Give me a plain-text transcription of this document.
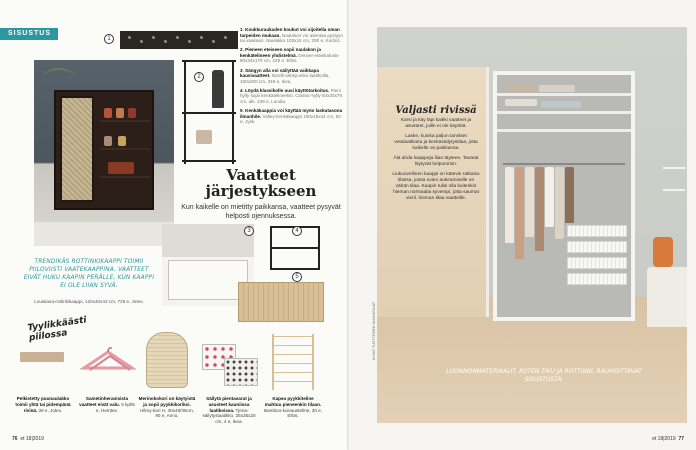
SISUSTUS
1
2

1. Koukkuraukaden koukut voi sijoitella oman tarpeiden mukaan. Naulakon voi asentaa pystyyn tai vaakaan. Naulakko 100x18 cm, 290 e, Kodin1.

2. Pieneen eteiseen sopii naulakon ja kenkätelineen yhdistelmä. Denver-eteiskaluste 80x34x170 cm, 229 e, Ellos.

3. Sängyn alla voi säilyttää vaikkapa kausivaatteet. Nordli-sänkyuniko laatikoilla, 160x200 cm, 349 e, Ikea.

4. Löydä klassikolle uusi käyttötarkoitus. Pieni hylly sopii kenkätelineeksi. Classic-hylly 84x30x79 cm, alk. 239 e, Lundia.

5. Kenkäkaappia voi käyttää myös laskutasona ilmanhile. Valley-kenkäkaappi 100x18x44 cm, 50 e, Jysk.

Vaatteet järjestykseen

Kun kaikelle on mietitty paikkansa, vaatteet pysyvät helposti ojennuksessa.

3	4
5

TRENDIKÄS ROTTINKIKAAPPI TOIMII PIILOVIISTI VAATEKAAPPINA. VAATTEET EIVÄT HUKU KAAPIN PERÄLLE, KUN KAAPPI EI OLE LIIAN SYVÄ.

Louisiana-rottinkikaappi, 120x40x43 cm, 729 e, Jotex.

Tyylikkäästi piilossa

Pelkistetty puunaulakko toimii yhtä tai pidempänä rivinä. 39 e, Jotex.

Sametinheranisista vaatteet eivät valu. 5 kpl/6 e, Hemtex.

Merinokokori on käytyistä ja sopii pyykkikoriksi. Hilmy-kori H, 40x49/36cm, 90 e, Anno.

Säilytä pientavarat ja asusteet kauniissa laatikoissa. Tjena-säilytyslaatikko, 25x35x20 cm, 4 e, Ikea.

Kapea pyykkiteline mahtuu pieneenkin tilaan. Bamboo-kuivausteline, 30 e, Ellos.

76 et 18|2019
Valjasti rivissä

Karsi ja käy läpi kaikki vaatteet ja asusteet, joille ei ole käyttöä.

Laske, kuinka paljon tarvitset vetolaatikoita ja kenkäsäilytystilaa, jotta kaikelle on paikkansa.

Älä ahda kaappeja liian täyteen. Tavarat löytyvät helpommin.

Liukuovellinen kaappi on kätevin ratkaisu tilassa, jossa ovien aukeamiselle on vähän tilaa. Kaapin tulisi olla kuitenkin hieman normaalia syvempi, jotta saumat vieril. hieman tilaa vaatteille.

LUONNONMATERIAALIT, KUTEN TIKU JA ROTTINKI, RAUHOITTAVAT SISUSTUSTA.

et 18|2019 77
KUVAT TUOTTEIDEN VALMISTAJAT
